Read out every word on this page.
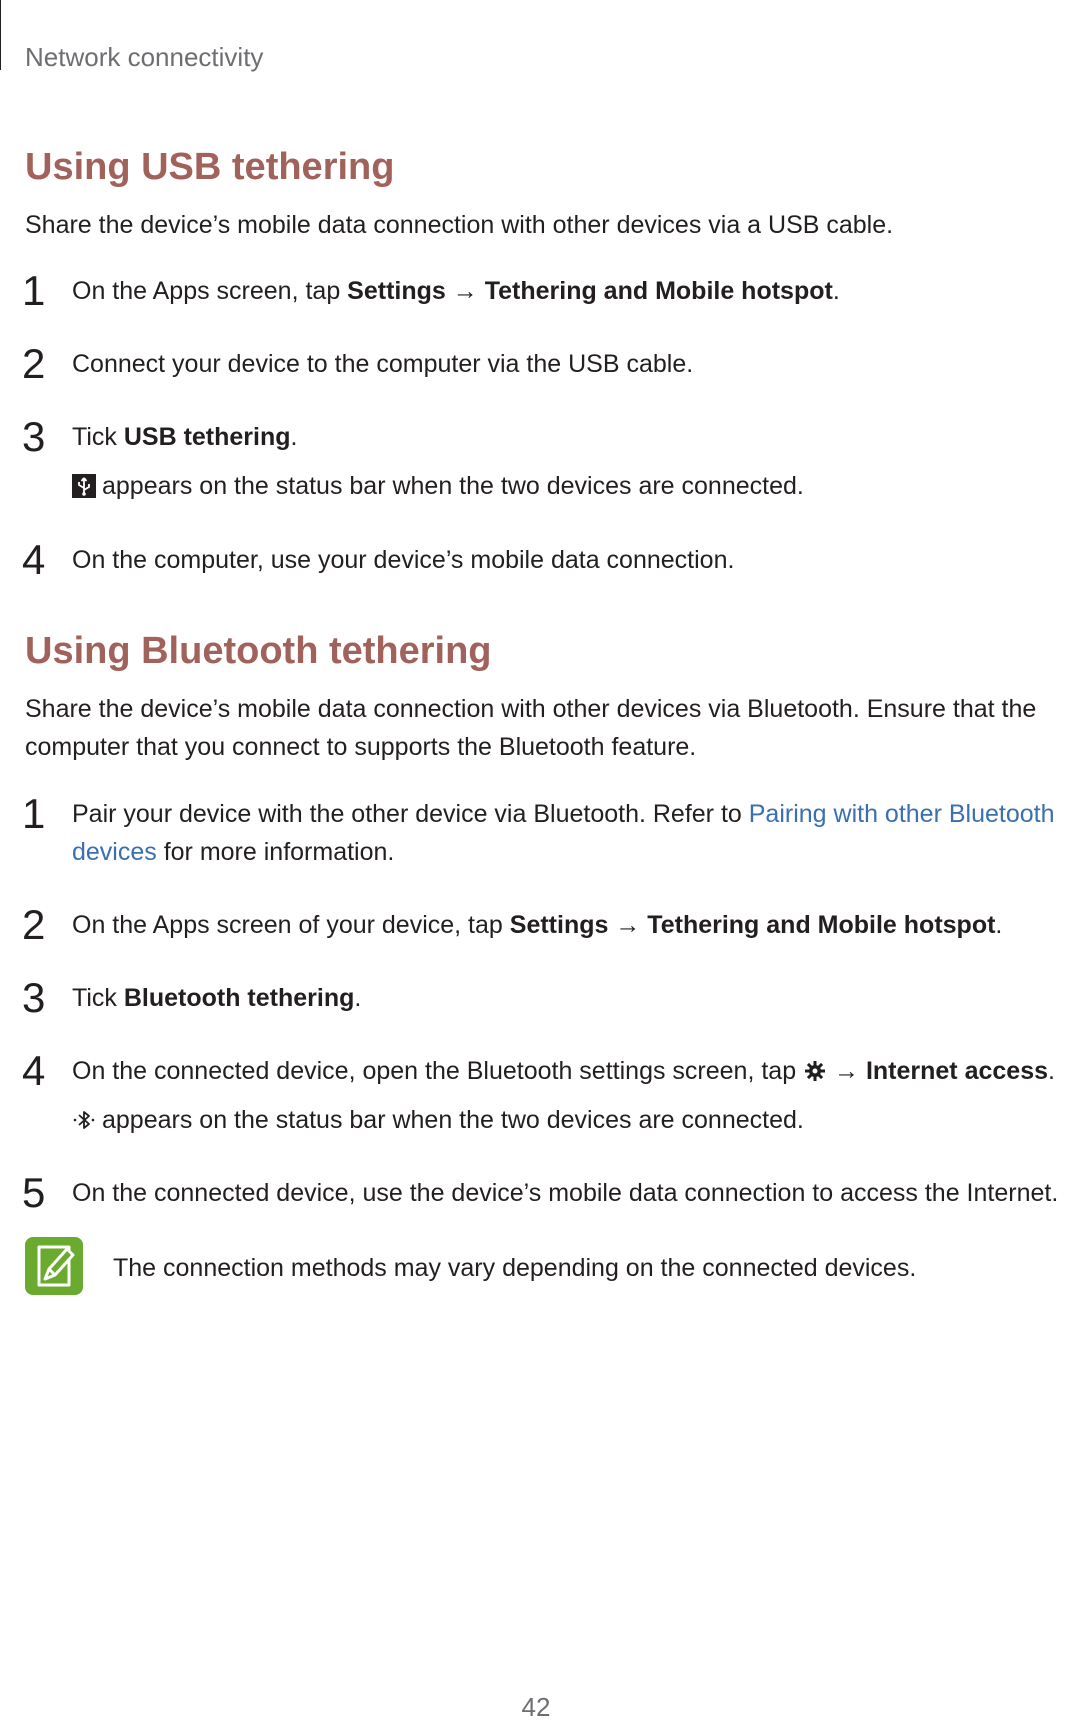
Network connectivity
Using USB tethering
Share the device’s mobile data connection with other devices via a USB cable.
1 On the Apps screen, tap Settings → Tethering and Mobile hotspot.
2 Connect your device to the computer via the USB cable.
3 Tick USB tethering.
appears on the status bar when the two devices are connected.
4 On the computer, use your device’s mobile data connection.
Using Bluetooth tethering
Share the device’s mobile data connection with other devices via Bluetooth. Ensure that the
computer that you connect to supports the Bluetooth feature.
1 Pair your device with the other device via Bluetooth. Refer to Pairing with other Bluetooth
devices for more information.
2 On the Apps screen of your device, tap Settings → Tethering and Mobile hotspot.
3 Tick Bluetooth tethering.
4 On the connected device, open the Bluetooth settings screen, tap  → Internet access.
appears on the status bar when the two devices are connected.
5 On the connected device, use the device’s mobile data connection to access the Internet.
The connection methods may vary depending on the connected devices.
42
